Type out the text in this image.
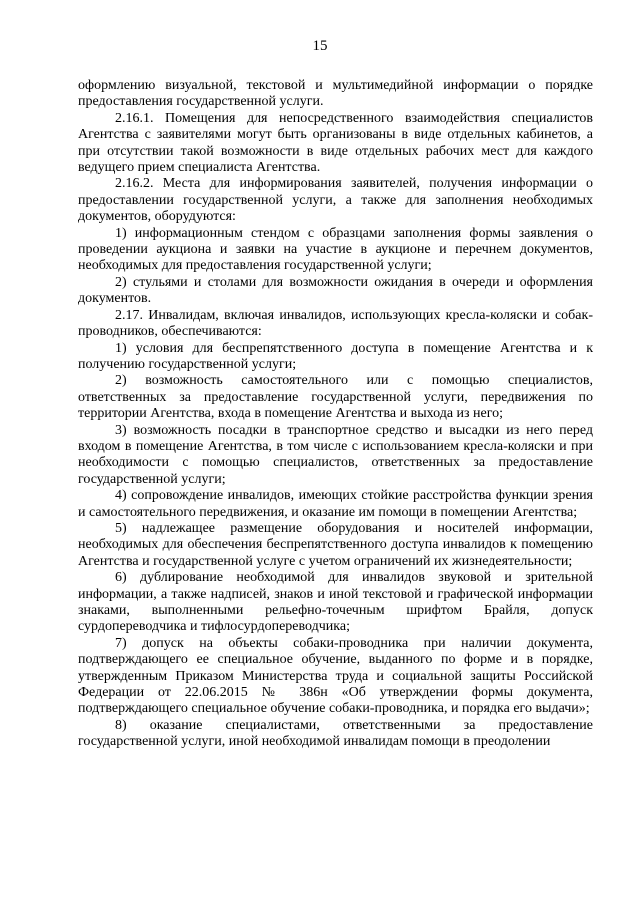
15

оформлению визуальной, текстовой и мультимедийной информации о порядке предоставления государственной услуги.

2.16.1. Помещения для непосредственного взаимодействия специалистов Агентства с заявителями могут быть организованы в виде отдельных кабинетов, а при отсутствии такой возможности в виде отдельных рабочих мест для каждого ведущего прием специалиста Агентства.

2.16.2. Места для информирования заявителей, получения информации о предоставлении государственной услуги, а также для заполнения необходимых документов, оборудуются:

1) информационным стендом с образцами заполнения формы заявления о проведении аукциона и заявки на участие в аукционе и перечнем документов, необходимых для предоставления государственной услуги;

2) стульями и столами для возможности ожидания в очереди и оформления документов.

2.17. Инвалидам, включая инвалидов, использующих кресла-коляски и собак-проводников, обеспечиваются:

1) условия для беспрепятственного доступа в помещение Агентства и к получению государственной услуги;

2) возможность самостоятельного или с помощью специалистов, ответственных за предоставление государственной услуги, передвижения по территории Агентства, входа в помещение Агентства и выхода из него;

3) возможность посадки в транспортное средство и высадки из него перед входом в помещение Агентства, в том числе с использованием кресла-коляски и при необходимости с помощью специалистов, ответственных за предоставление государственной услуги;

4) сопровождение инвалидов, имеющих стойкие расстройства функции зрения и самостоятельного передвижения, и оказание им помощи в помещении Агентства;

5) надлежащее размещение оборудования и носителей информации, необходимых для обеспечения беспрепятственного доступа инвалидов к помещению Агентства и государственной услуге с учетом ограничений их жизнедеятельности;

6) дублирование необходимой для инвалидов звуковой и зрительной информации, а также надписей, знаков и иной текстовой и графической информации знаками, выполненными рельефно-точечным шрифтом Брайля, допуск сурдопереводчика и тифлосурдопереводчика;

7) допуск на объекты собаки-проводника при наличии документа, подтверждающего ее специальное обучение, выданного по форме и в порядке, утвержденным Приказом Министерства труда и социальной защиты Российской Федерации от 22.06.2015 № 386н «Об утверждении формы документа, подтверждающего специальное обучение собаки-проводника, и порядка его выдачи»;

8) оказание специалистами, ответственными за предоставление государственной услуги, иной необходимой инвалидам помощи в преодолении
